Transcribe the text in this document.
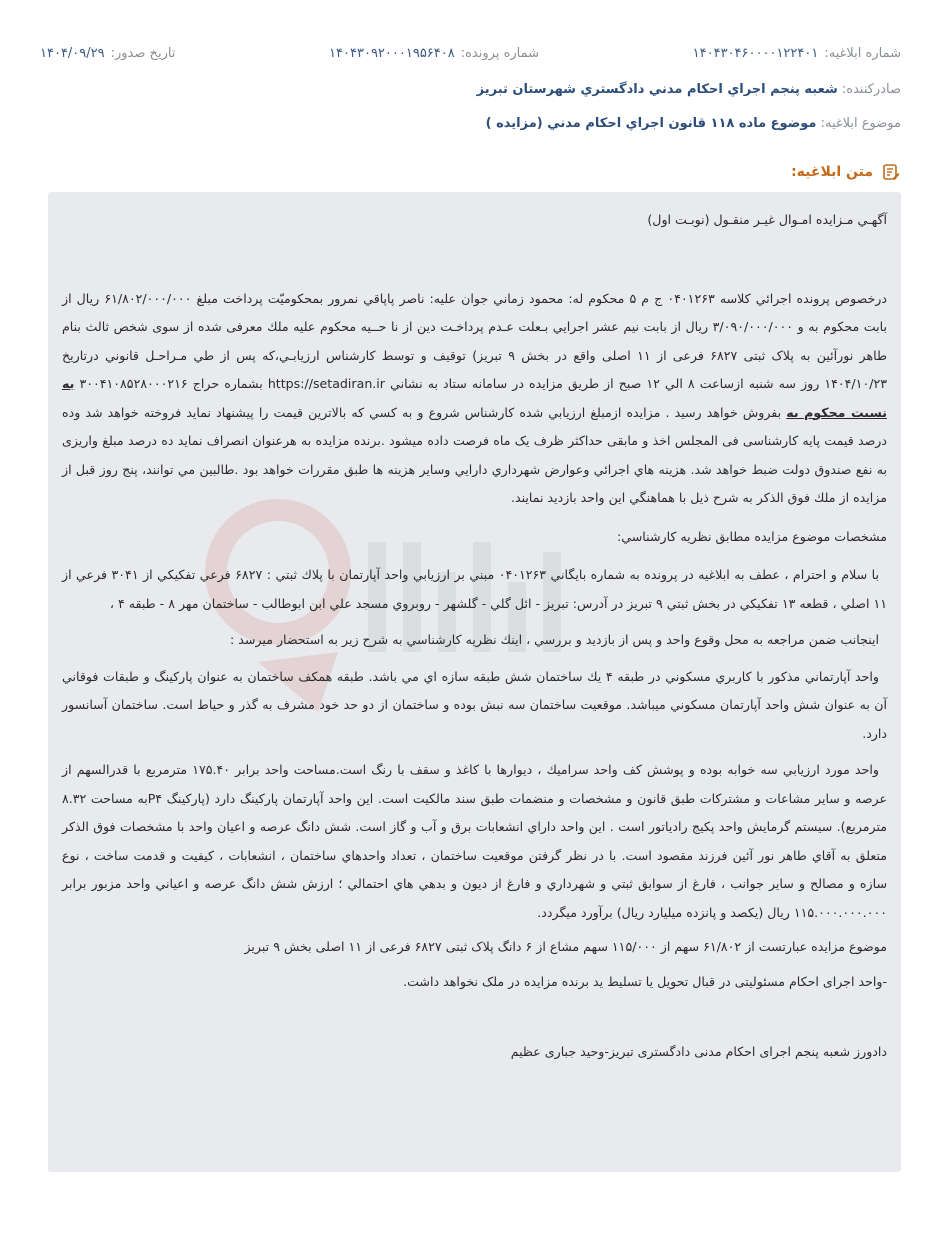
شماره ابلاغیه:
۱۴۰۴۳۰۴۶۰۰۰۰۱۲۲۴۰۱
شماره پرونده:
۱۴۰۴۳۰۹۲۰۰۰۱۹۵۶۴۰۸
تاریخ صدور:
۱۴۰۴/۰۹/۲۹
صادرکننده: شعبه پنجم اجراي احكام مدني دادگستري شهرستان تبريز
موضوع ابلاغیه: موضوع ماده ۱۱۸ قانون اجراي احكام مدني (مزايده )
متن ابلاغیه:

آگهـي مـزايده امـوال غيـر منقـول (نوبـت اول)

درخصوص پرونده اجرائي كلاسه ۰۴۰۱۲۶۳ ج م ۵ محكوم له: محمود زماني جوان عليه: ناصر پاپاقي نمرور بمحكوميّت پرداخت مبلغ ۶۱/۸۰۲/۰۰۰/۰۰۰ ريال از بابت محكوم به و ۳/۰۹۰/۰۰۰/۰۰۰ ريال از بابت نيم عشر اجرايي بـعلت عـدم پرداخـت دين از نا حــيه محكوم عليه ملك معرفی شده از سوی شخص ثالث بنام طاهر نورآئين به پلاک ثبتی ۶۸۲۷ فرعی از ۱۱ اصلی واقع در بخش ۹ تبريز) توقيف و توسط كارشناس ارزيابـي،كه پس از طي مـراحـل قانوني درتاريخ ۱۴۰۴/۱۰/۲۳ روز سه شنبه ازساعت ۸ الي ۱۲ صبح از طريق مزايده در سامانه ستاد به نشاني https://setadiran.ir بشماره حراج ۳۰۰۴۱۰۸۵۲۸۰۰۰۲۱۶ به نسبت محکوم به بفروش خواهد رسيد . مزايده ازمبلغ ارزيابي شده كارشناس شروع و به كسي كه بالاترين قيمت را پيشنهاد نمايد فروخته خواهد شد وده درصد قيمت پايه كارشناسی فی المجلس اخذ و مابقی حداکثر ظرف یک ماه فرصت داده ميشود .برنده مزايده به هرعنوان انصراف نمايد ده درصد مبلغ واريزی به نفع صندوق دولت ضبط خواهد شد. هزينه هاي اجرائي وعوارض شهرداري دارايي وساير هزينه ها طبق مقررات خواهد بود .طالبين مي توانند، پنج روز قبل از مزايده از ملك فوق الذكر به شرح ذيل با هماهنگي اين واحد بازديد نمايند.

مشخصات موضوع مزايده مطابق نظريه كارشناسي:

با سلام و احترام ، عطف به ابلاغيه در پرونده به شماره بايگاني ۰۴۰۱۲۶۳ مبني بر ارزيابي واحد آپارتمان با پلاك ثبتي : ۶۸۲۷ فرعي تفكيكي از ۳۰۴۱ فرعي از ۱۱ اصلي ، قطعه ۱۳ تفكيكي در بخش ثبتي ۹ تبريز در آدرس: تبريز - ائل گلي - گلشهر - روبروي مسجد علي ابن ابوطالب - ساختمان مهر ۸ - طبقه ۴ ،

اينجانب ضمن مراجعه به محل وقوع واحد و پس از بازديد و بررسي ، اينك نظريه كارشناسي به شرح زير به استحضار ميرسد :

واحد آپارتماني مذكور با كاربري مسكوني در طبقه ۴ يك ساختمان شش طبقه سازه اي مي باشد. طبقه همكف ساختمان به عنوان پاركينگ و طبقات فوقاني آن به عنوان شش واحد آپارتمان مسكوني ميباشد. موقعيت ساختمان سه نبش بوده و ساختمان از دو حد خود مشرف به گذر و حياط است. ساختمان آسانسور دارد.

واحد مورد ارزيابي سه خوابه بوده و پوشش كف واحد سراميك ، ديوارها با كاغذ و سقف با رنگ است.مساحت واحد برابر ۱۷۵.۴۰ مترمربع با قدرالسهم از عرصه و ساير مشاعات و مشتركات طبق قانون و مشخصات و منضمات طبق سند مالكيت است. اين واحد آپارتمان پاركينگ دارد (پاركينگ P۴به مساحت ۸.۳۲ مترمربع). سيستم گرمايش واحد پكيج رادياتور است . اين واحد داراي انشعابات برق و آب و گاز است. شش دانگ عرصه و اعيان واحد با مشخصات فوق الذكر متعلق به آقاي طاهر نور آئين فرزند مقصود است. با در نظر گرفتن موقعيت ساختمان ، تعداد واحدهاي ساختمان ، انشعابات ، كيفيت و قدمت ساخت ، نوع سازه و مصالح و ساير جوانب ، فارغ از سوابق ثبتي و شهرداري و فارغ از ديون و بدهي هاي احتمالي ؛ ارزش شش دانگ عرصه و اعياني واحد مزبور برابر ۱۱۵.۰۰۰.۰۰۰.۰۰۰ ريال (يكصد و پانزده ميلیارد ريال) برآورد ميگردد.

موضوع مزايده عبارتست از ۶۱/۸۰۲ سهم از ۱۱۵/۰۰۰ سهم مشاع از ۶ دانگ پلاک ثبتی ۶۸۲۷ فرعی از ۱۱ اصلی بخش ۹ تبريز

-واحد اجرای احکام مسئولیتی در قبال تحویل یا تسلیط ید برنده مزایده در ملک نخواهد داشت.

دادورز شعبه پنجم اجرای احکام مدنی دادگستری تبریز-وحید جباری عظیم
